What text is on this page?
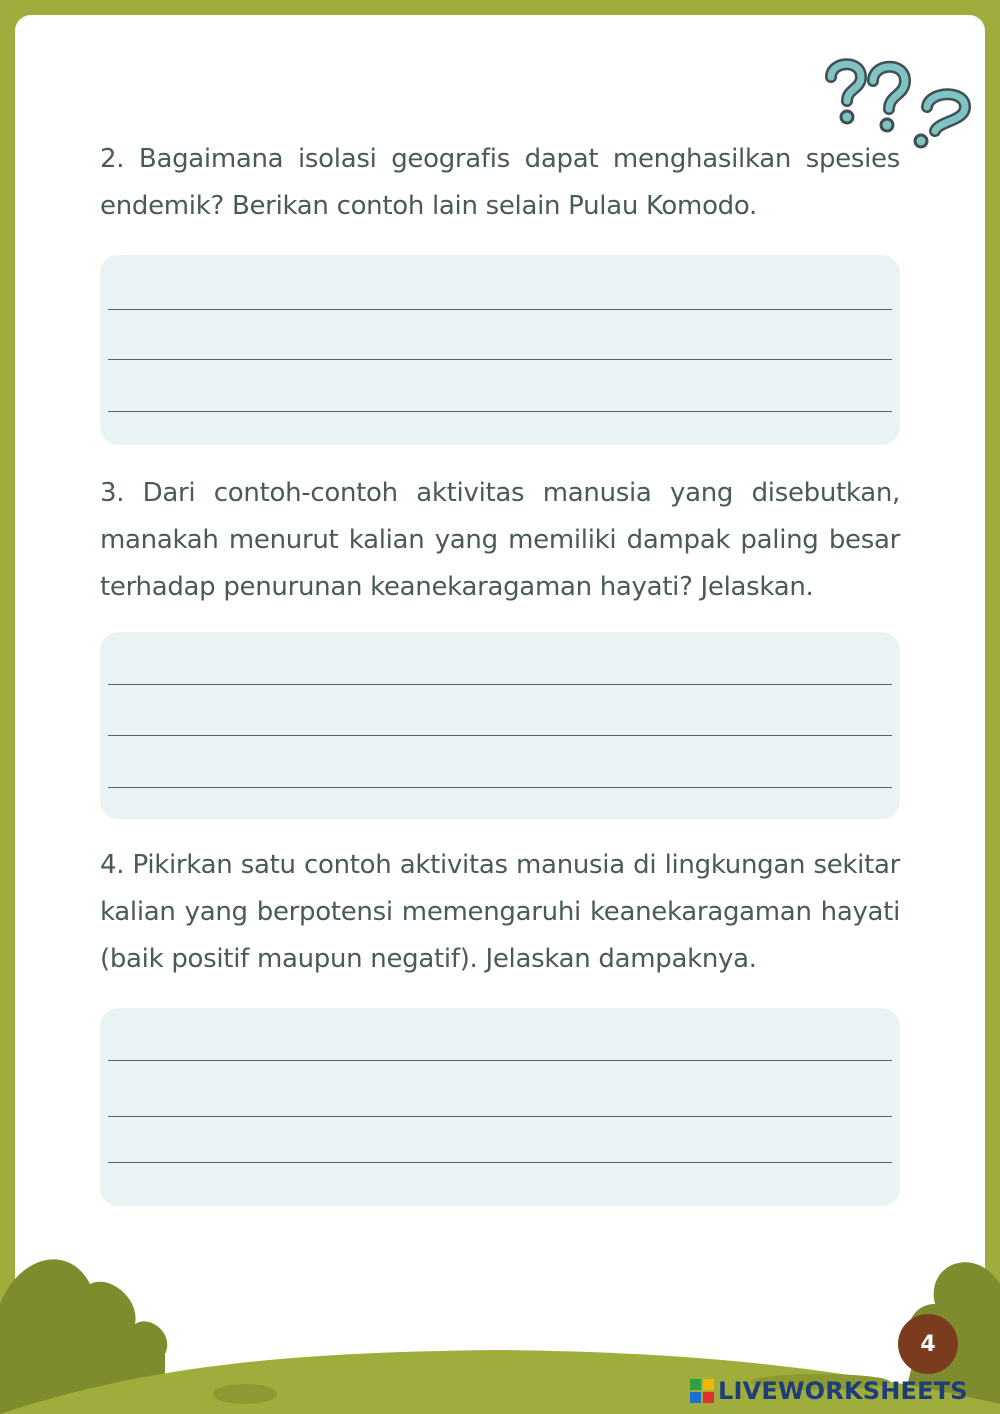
2. Bagaimana isolasi geografis dapat menghasilkan spesies endemik? Berikan contoh lain selain Pulau Komodo.
3. Dari contoh-contoh aktivitas manusia yang disebutkan, manakah menurut kalian yang memiliki dampak paling besar terhadap penurunan keanekaragaman hayati? Jelaskan.
4. Pikirkan satu contoh aktivitas manusia di lingkungan sekitar kalian yang berpotensi memengaruhi keanekaragaman hayati (baik positif maupun negatif). Jelaskan dampaknya.
4
LIVEWORKSHEETS
